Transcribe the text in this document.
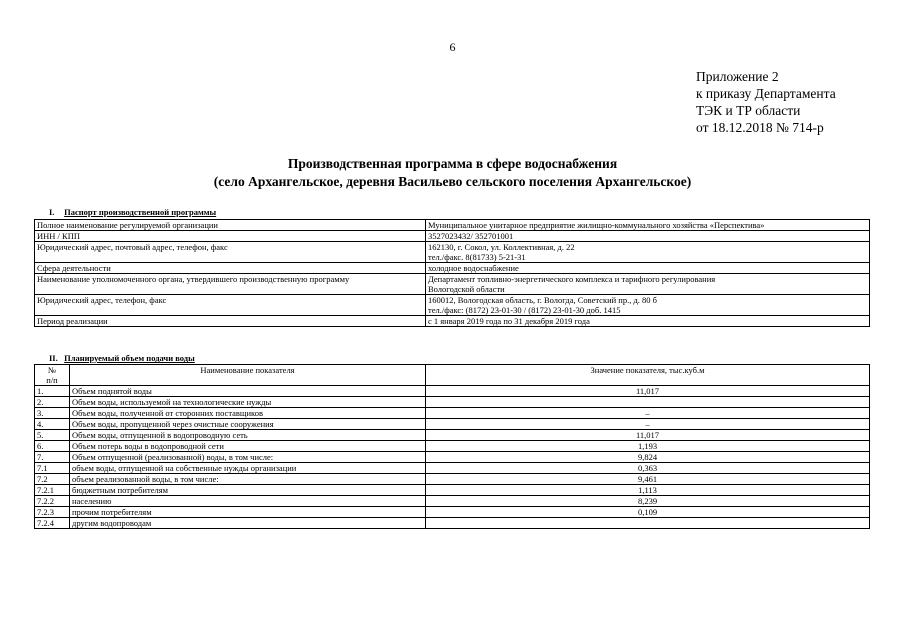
6
Приложение 2
к приказу Департамента
ТЭК и ТР области
от 18.12.2018 № 714-р
Производственная программа в сфере водоснабжения
(село Архангельское, деревня Васильево сельского поселения Архангельское)
I. Паспорт производственной программы
Полное наименование регулируемой организации	Муниципальное унитарное предприятие жилищно-коммунального хозяйства «Перспектива»

ИНН / КПП	3527023432/ 352701001

Юридический адрес, почтовый адрес, телефон, факс	162130, г. Сокол, ул. Коллективная, д. 22
тел./факс. 8(81733) 5-21-31

Сфера деятельности	холодное водоснабжение

Наименование уполномоченного органа, утвердившего производственную программу	Департамент топливно-энергетического комплекса и тарифного регулирования
Вологодской области

Юридический адрес, телефон, факс	160012, Вологодская область, г. Вологда, Советский пр., д. 80 б
тел./факс: (8172) 23-01-30 / (8172) 23-01-30 доб. 1415

Период реализации	с 1 января 2019 года по 31 декабря 2019 года
II. Планируемый объем подачи воды
№
п/п	Наименование показателя	Значение показателя, тыс.куб.м
1.	Объем поднятой воды	11,017
2.	Объем воды, используемой на технологические нужды	
3.	Объем воды, полученной от сторонних поставщиков	–
4.	Объем воды, пропущенной через очистные сооружения	–
5.	Объем воды, отпущенной в водопроводную сеть	11,017
6.	Объем потерь воды в водопроводной сети	1,193
7.	Объем отпущенной (реализованной) воды, в том числе:	9,824
7.1	объем воды, отпущенной на собственные нужды организации	0,363
7.2	объем реализованной воды, в том числе:	9,461
7.2.1	бюджетным потребителям	1,113
7.2.2	населению	8,239
7.2.3	прочим потребителям	0,109
7.2.4	другим водопроводам	
